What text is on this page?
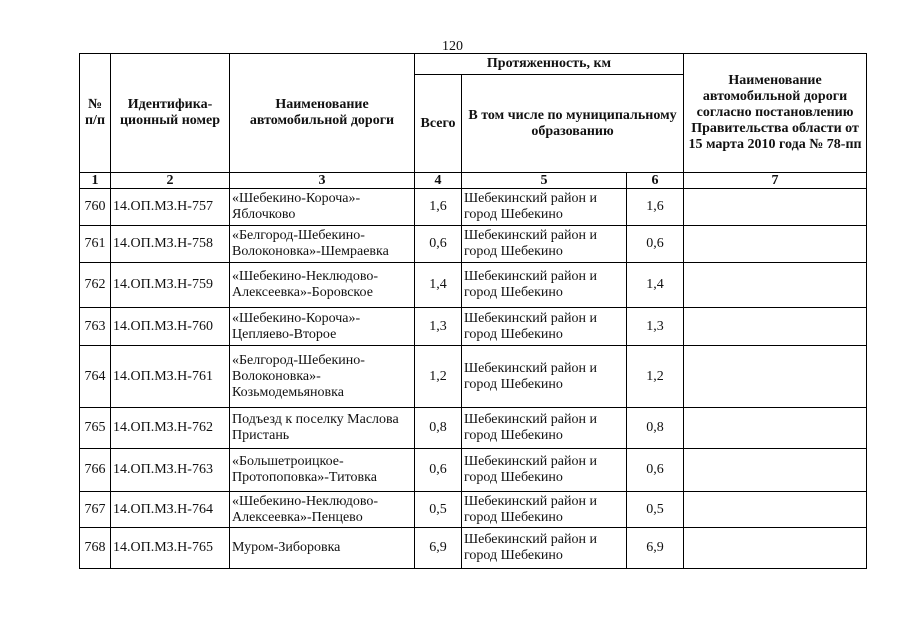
120
№ п/п	Идентифика-ционный номер	Наименование автомобильной дороги	Протяженность, км			Наименование автомобильной дороги согласно постановлению Правительства области от 15 марта 2010 года № 78-пп
			Всего	В том числе по муниципальному образованию		
1	2	3	4	5	6	7
760	14.ОП.МЗ.Н-757	«Шебекино-Короча»-Яблочково	1,6	Шебекинский район и город Шебекино	1,6	
761	14.ОП.МЗ.Н-758	«Белгород-Шебекино-Волоконовка»-Шемраевка	0,6	Шебекинский район и город Шебекино	0,6	
762	14.ОП.МЗ.Н-759	«Шебекино-Неклюдово-Алексеевка»-Боровское	1,4	Шебекинский район и город Шебекино	1,4	
763	14.ОП.МЗ.Н-760	«Шебекино-Короча»-Цепляево-Второе	1,3	Шебекинский район и город Шебекино	1,3	
764	14.ОП.МЗ.Н-761	«Белгород-Шебекино-Волоконовка»-Козьмодемьяновка	1,2	Шебекинский район и город Шебекино	1,2	
765	14.ОП.МЗ.Н-762	Подъезд к поселку Маслова Пристань	0,8	Шебекинский район и город Шебекино	0,8	
766	14.ОП.МЗ.Н-763	«Большетроицкое-Протопоповка»-Титовка	0,6	Шебекинский район и город Шебекино	0,6	
767	14.ОП.МЗ.Н-764	«Шебекино-Неклюдово-Алексеевка»-Пенцево	0,5	Шебекинский район и город Шебекино	0,5	
768	14.ОП.МЗ.Н-765	Муром-Зиборовка	6,9	Шебекинский район и город Шебекино	6,9	
